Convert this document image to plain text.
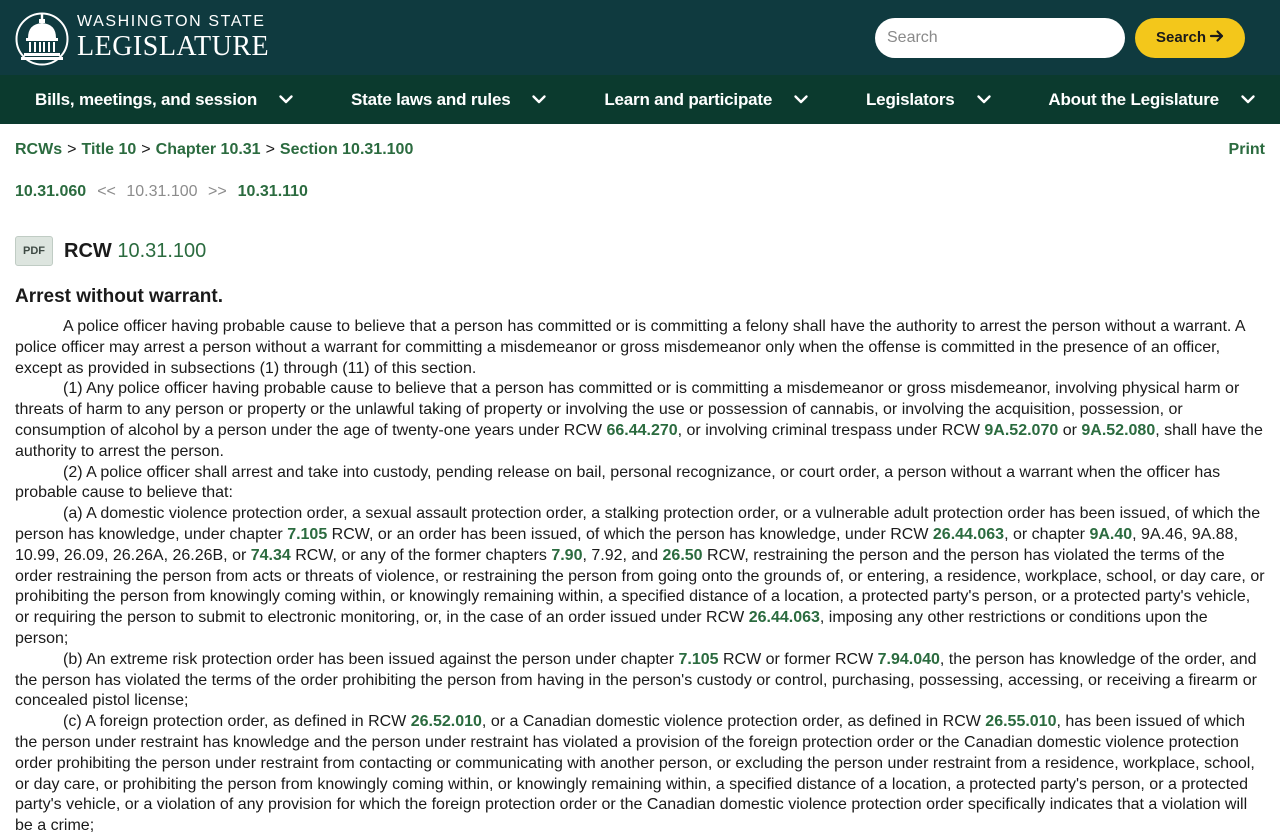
WASHINGTON STATE
LEGISLATURE
Search	Search
Bills, meetings, and session	State laws and rules	Learn and participate	Legislators	About the Legislature
RCWs > Title 10 > Chapter 10.31 > Section 10.31.100	Print
10.31.060 << 10.31.100 >> 10.31.110
PDF RCW 10.31.100
Arrest without warrant.

A police officer having probable cause to believe that a person has committed or is committing a felony shall have the authority to arrest the person without a warrant. A police officer may arrest a person without a warrant for committing a misdemeanor or gross misdemeanor only when the offense is committed in the presence of an officer, except as provided in subsections (1) through (11) of this section.

(1) Any police officer having probable cause to believe that a person has committed or is committing a misdemeanor or gross misdemeanor, involving physical harm or threats of harm to any person or property or the unlawful taking of property or involving the use or possession of cannabis, or involving the acquisition, possession, or consumption of alcohol by a person under the age of twenty-one years under RCW 66.44.270, or involving criminal trespass under RCW 9A.52.070 or 9A.52.080, shall have the authority to arrest the person.

(2) A police officer shall arrest and take into custody, pending release on bail, personal recognizance, or court order, a person without a warrant when the officer has probable cause to believe that:

(a) A domestic violence protection order, a sexual assault protection order, a stalking protection order, or a vulnerable adult protection order has been issued, of which the person has knowledge, under chapter 7.105 RCW, or an order has been issued, of which the person has knowledge, under RCW 26.44.063, or chapter 9A.40, 9A.46, 9A.88, 10.99, 26.09, 26.26A, 26.26B, or 74.34 RCW, or any of the former chapters 7.90, 7.92, and 26.50 RCW, restraining the person and the person has violated the terms of the order restraining the person from acts or threats of violence, or restraining the person from going onto the grounds of, or entering, a residence, workplace, school, or day care, or prohibiting the person from knowingly coming within, or knowingly remaining within, a specified distance of a location, a protected party's person, or a protected party's vehicle, or requiring the person to submit to electronic monitoring, or, in the case of an order issued under RCW 26.44.063, imposing any other restrictions or conditions upon the person;

(b) An extreme risk protection order has been issued against the person under chapter 7.105 RCW or former RCW 7.94.040, the person has knowledge of the order, and the person has violated the terms of the order prohibiting the person from having in the person's custody or control, purchasing, possessing, accessing, or receiving a firearm or concealed pistol license;

(c) A foreign protection order, as defined in RCW 26.52.010, or a Canadian domestic violence protection order, as defined in RCW 26.55.010, has been issued of which the person under restraint has knowledge and the person under restraint has violated a provision of the foreign protection order or the Canadian domestic violence protection order prohibiting the person under restraint from contacting or communicating with another person, or excluding the person under restraint from a residence, workplace, school, or day care, or prohibiting the person from knowingly coming within, or knowingly remaining within, a specified distance of a location, a protected party's person, or a protected party's vehicle, or a violation of any provision for which the foreign protection order or the Canadian domestic violence protection order specifically indicates that a violation will be a crime;
